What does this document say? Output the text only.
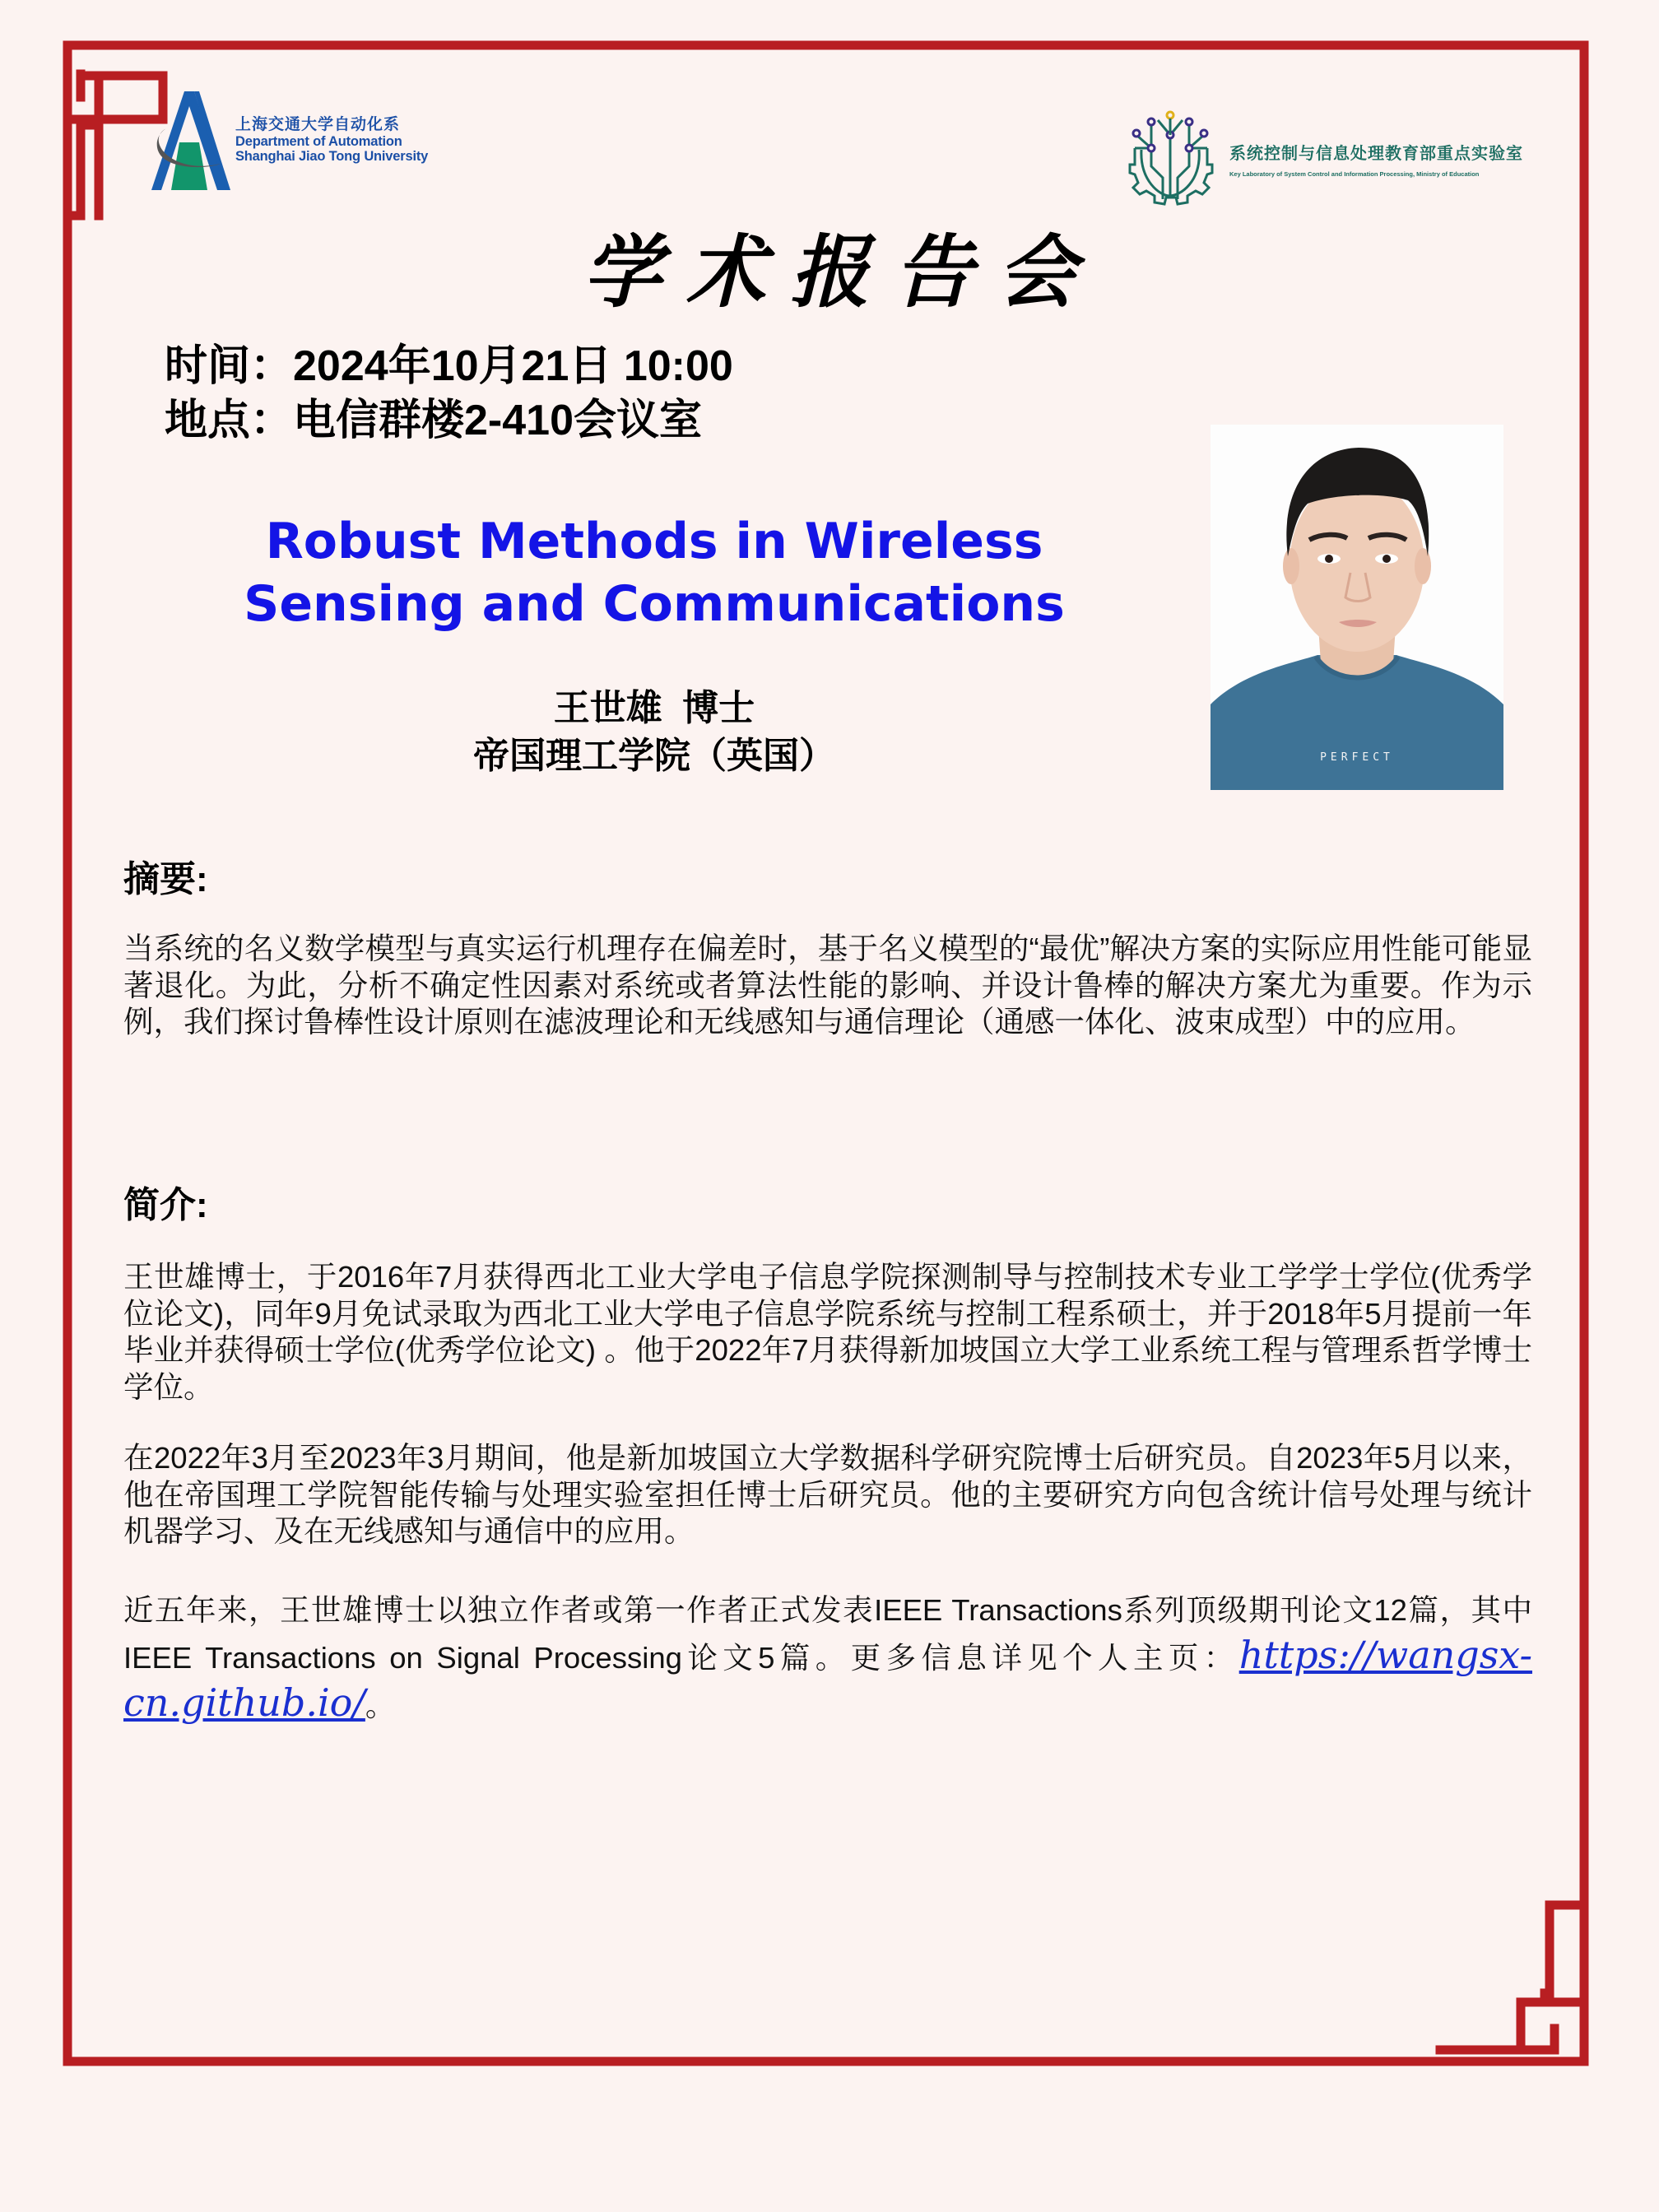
上海交通大学自动化系
Department of Automation
Shanghai Jiao Tong University	系统控制与信息处理教育部重点实验室
Key Laboratory of System Control and Information Processing, Ministry of Education
学术报告会
时间：2024年10月21日 10:00
地点：电信群楼2-410会议室
Robust Methods in Wireless
Sensing and Communications
王世雄  博士
帝国理工学院（英国）	PERFECT
摘要:
当系统的名义数学模型与真实运行机理存在偏差时，基于名义模型的“最优”解决方案的实际应用性能可能显著退化。为此，分析不确定性因素对系统或者算法性能的影响、并设计鲁棒的解决方案尤为重要。作为示例，我们探讨鲁棒性设计原则在滤波理论和无线感知与通信理论（通感一体化、波束成型）中的应用。
简介:
王世雄博士，于2016年7月获得西北工业大学电子信息学院探测制导与控制技术专业工学学士学位(优秀学位论文)，同年9月免试录取为西北工业大学电子信息学院系统与控制工程系硕士，并于2018年5月提前一年毕业并获得硕士学位(优秀学位论文) 。他于2022年7月获得新加坡国立大学工业系统工程与管理系哲学博士学位。
在2022年3月至2023年3月期间，他是新加坡国立大学数据科学研究院博士后研究员。自2023年5月以来，他在帝国理工学院智能传输与处理实验室担任博士后研究员。他的主要研究方向包含统计信号处理与统计机器学习、及在无线感知与通信中的应用。
近五年来，王世雄博士以独立作者或第一作者正式发表IEEE Transactions系列顶级期刊论文12篇，其中IEEE Transactions on Signal Processing论文5篇。更多信息详见个人主页：https://wangsx-cn.github.io/。
